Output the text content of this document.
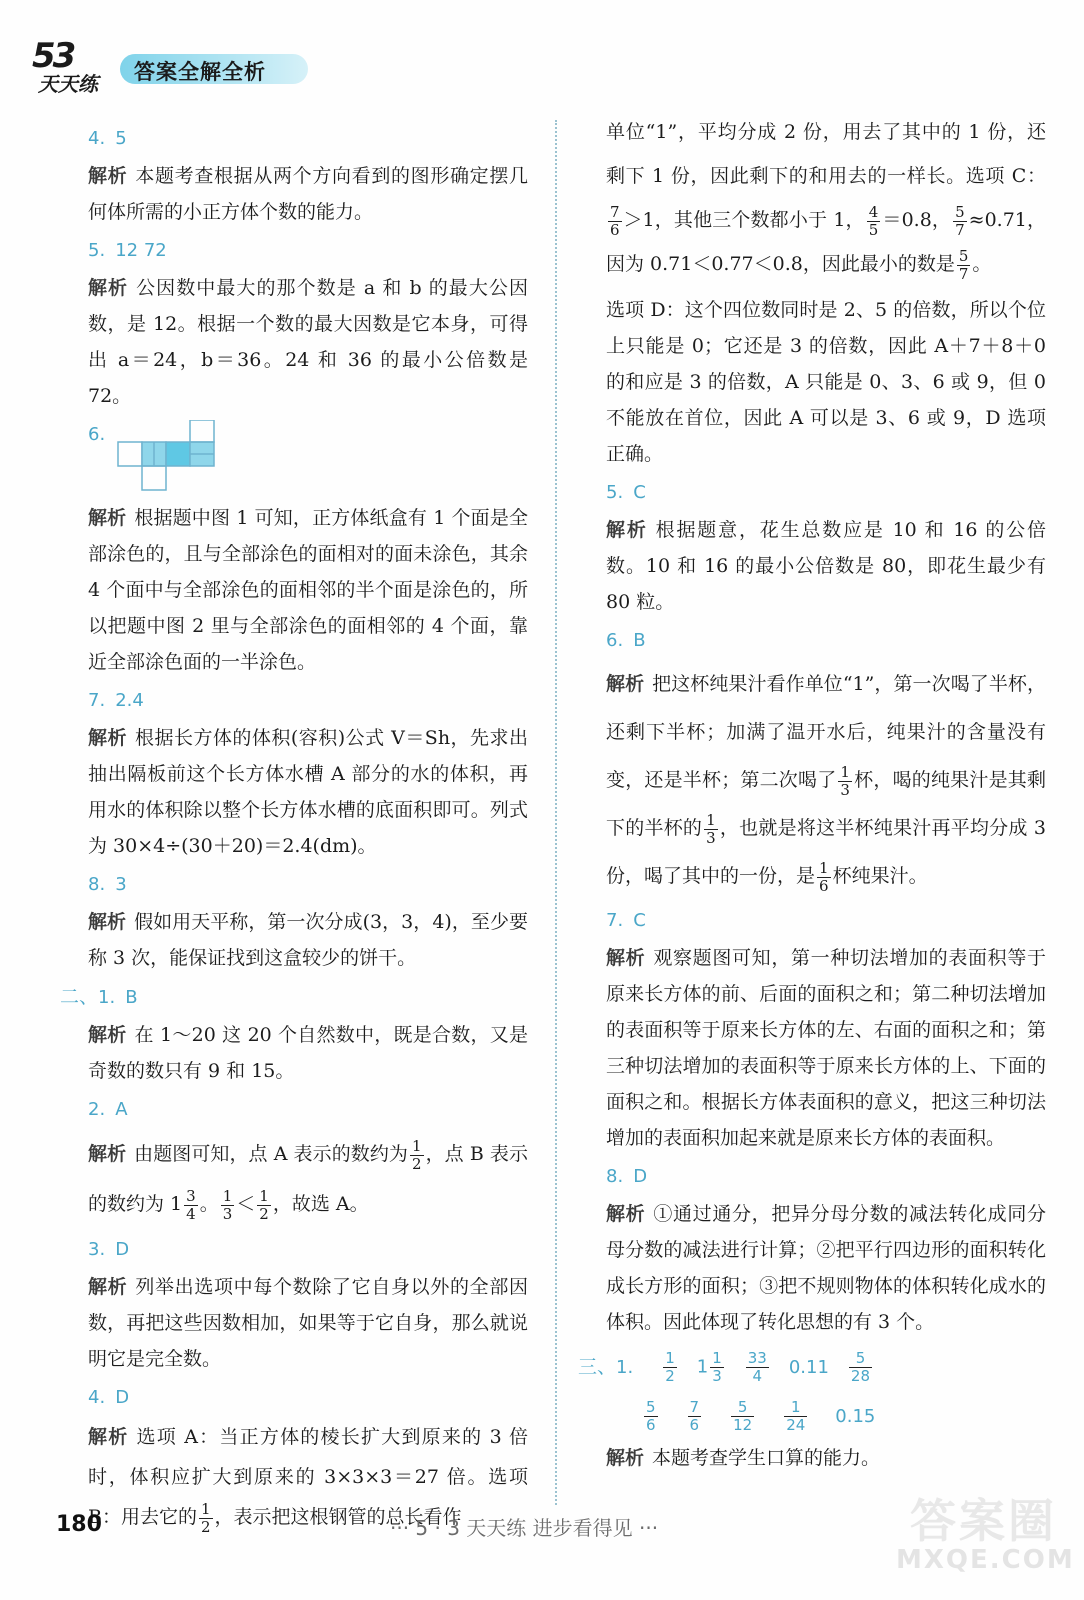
53
天天练 答案全解全析
4. 5

解析 本题考查根据从两个方向看到的图形确定摆几何体所需的小正方体个数的能力。

5. 12 72

解析 公因数中最大的那个数是 a 和 b 的最大公因数，是 12。根据一个数的最大因数是它本身，可得出 a＝24，b＝36。24 和 36 的最小公倍数是 72。

6.

解析 根据题中图 1 可知，正方体纸盒有 1 个面是全部涂色的，且与全部涂色的面相对的面未涂色，其余 4 个面中与全部涂色的面相邻的半个面是涂色的，所以把题中图 2 里与全部涂色的面相邻的 4 个面，靠近全部涂色面的一半涂色。

7. 2.4

解析 根据长方体的体积(容积)公式 V＝Sh，先求出抽出隔板前这个长方体水槽 A 部分的水的体积，再用水的体积除以整个长方体水槽的底面积即可。列式为 30×4÷(30＋20)＝2.4(dm)。

8. 3

解析 假如用天平称，第一次分成(3，3，4)，至少要称 3 次，能保证找到这盒较少的饼干。

二、1. B

解析 在 1～20 这 20 个自然数中，既是合数，又是奇数的数只有 9 和 15。

2. A

解析 由题图可知，点 A 表示的数约为 $\frac{1}{2}$ ，点 B 表示的数约为 $1 \frac{3}{4}$ 。 $\frac{1}{3} < \frac{1}{2}$ ，故选 A。

3. D

解析 列举出选项中每个数除了它自身以外的全部因数，再把这些因数相加，如果等于它自身，那么就说明它是完全数。

4. D

解析 选项 A：当正方体的棱长扩大到原来的 3 倍时，体积应扩大到原来的 3×3×3＝27 倍。选项 B：用去它的 $\frac{1}{2}$ ，表示把这根钢管的总长看作

单位“1”，平均分成 2 份，用去了其中的 1 份，还剩下 1 份，因此剩下的和用去的一样长。选项 C：
$\frac{7}{6} >1$，其他三个数都小于 1， $\frac{4}{5} =0.8$， $\frac{5}{7} \approx 0.71$，因为 0.71＜0.77＜0.8，因此最小的数是 $\frac{5}{7}$ 。

选项 D：这个四位数同时是 2、5 的倍数，所以个位上只能是 0；它还是 3 的倍数，因此 A＋7＋8＋0 的和应是 3 的倍数，A 只能是 0、3、6 或 9，但 0 不能放在首位，因此 A 可以是 3、6 或 9，D 选项正确。

5. C

解析 根据题意，花生总数应是 10 和 16 的公倍数。10 和 16 的最小公倍数是 80，即花生最少有 80 粒。

6. B

解析 把这杯纯果汁看作单位“1”，第一次喝了半杯，还剩下半杯；加满了温开水后，纯果汁的含量没有变，还是半杯；第二次喝了 $\frac{1}{3}$ 杯，喝的纯果汁是其剩下的半杯的 $\frac{1}{3}$ ，也就是将这半杯纯果汁再平均分成 3 份，喝了其中的一份，是 $\frac{1}{6}$ 杯纯果汁。

7. C

解析 观察题图可知，第一种切法增加的表面积等于原来长方体的前、后面的面积之和；第二种切法增加的表面积等于原来长方体的左、右面的面积之和；第三种切法增加的表面积等于原来长方体的上、下面的面积之和。根据长方体表面积的意义，把这三种切法增加的表面积加起来就是原来长方体的表面积。

8. D

解析 ①通过通分，把异分母分数的减法转化成同分母分数的减法进行计算；②把平行四边形的面积转化成长方形的面积；③把不规则物体的体积转化成水的体积。因此体现了转化思想的有 3 个。

三、1.	$\frac{1}{2} 1 \frac{1}{3} \frac{33}{4} 0.11 \frac{5}{28}$
$\frac{5}{6} \frac{7}{6} \frac{5}{12} \frac{1}{24} 0.15$

解析 本题考查学生口算的能力。

180	··· 5 · 3 天天练 进步看得见 ···	答案圈
MXQE.COM
